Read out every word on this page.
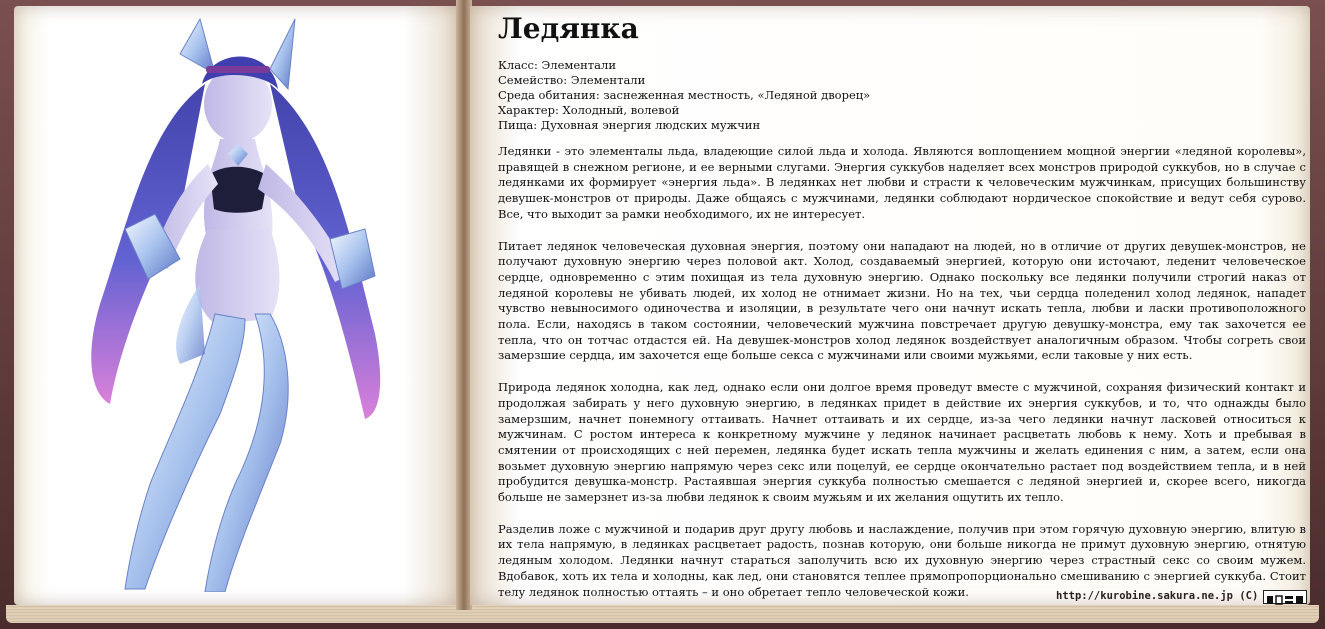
Ледянка
Класс: Элементали
Семейство: Элементали
Среда обитания: заснеженная местность, «Ледяной дворец»
Характер: Холодный, волевой
Пища: Духовная энергия людских мужчин

Ледянки - это элементалы льда, владеющие силой льда и холода. Являются воплощением мощной энергии «ледяной королевы», правящей в снежном регионе, и ее верными слугами. Энергия суккубов наделяет всех монстров природой суккубов, но в случае с ледянками их формирует «энергия льда». В ледянках нет любви и страсти к человеческим мужчинкам, присущих большинству девушек-монстров от природы. Даже общаясь с мужчинами, ледянки соблюдают нордическое спокойствие и ведут себя сурово. Все, что выходит за рамки необходимого, их не интересует.

Питает ледянок человеческая духовная энергия, поэтому они нападают на людей, но в отличие от других девушек-монстров, не получают духовную энергию через половой акт. Холод, создаваемый энергией, которую они источают, леденит человеческое сердце, одновременно с этим похищая из тела духовную энергию. Однако поскольку все ледянки получили строгий наказ от ледяной королевы не убивать людей, их холод не отнимает жизни. Но на тех, чьи сердца поледенил холод ледянок, нападет чувство невыносимого одиночества и изоляции, в результате чего они начнут искать тепла, любви и ласки противоположного пола. Если, находясь в таком состоянии, человеческий мужчина повстречает другую девушку-монстра, ему так захочется ее тепла, что он тотчас отдастся ей. На девушек-монстров холод ледянок воздействует аналогичным образом. Чтобы согреть свои замерзшие сердца, им захочется еще больше секса с мужчинами или своими мужьями, если таковые у них есть.

Природа ледянок холодна, как лед, однако если они долгое время проведут вместе с мужчиной, сохраняя физический контакт и продолжая забирать у него духовную энергию, в ледянках придет в действие их энергия суккубов, и то, что однажды было замерзшим, начнет понемногу оттаивать. Начнет оттаивать и их сердце, из-за чего ледянки начнут ласковей относиться к мужчинам. С ростом интереса к конкретному мужчине у ледянок начинает расцветать любовь к нему. Хоть и пребывая в смятении от происходящих с ней перемен, ледянка будет искать тепла мужчины и желать единения с ним, а затем, если она возьмет духовную энергию напрямую через секс или поцелуй, ее сердце окончательно растает под воздействием тепла, и в ней пробудится девушка-монстр. Растаявшая энергия суккуба полностью смешается с ледяной энергией и, скорее всего, никогда больше не замерзнет из-за любви ледянок к своим мужьям и их желания ощутить их тепло.

Разделив ложе с мужчиной и подарив друг другу любовь и наслаждение, получив при этом горячую духовную энергию, влитую в их тела напрямую, в ледянках расцветает радость, познав которую, они больше никогда не примут духовную энергию, отнятую ледяным холодом. Ледянки начнут стараться заполучить всю их духовную энергию через страстный секс со своим мужем. Вдобавок, хоть их тела и холодны, как лед, они становятся теплее прямопропорционально смешиванию с энергией суккуба. Стоит телу ледянок полностью оттаять – и оно обретает тепло человеческой кожи.	http://kurobine.sakura.ne.jp (C)
